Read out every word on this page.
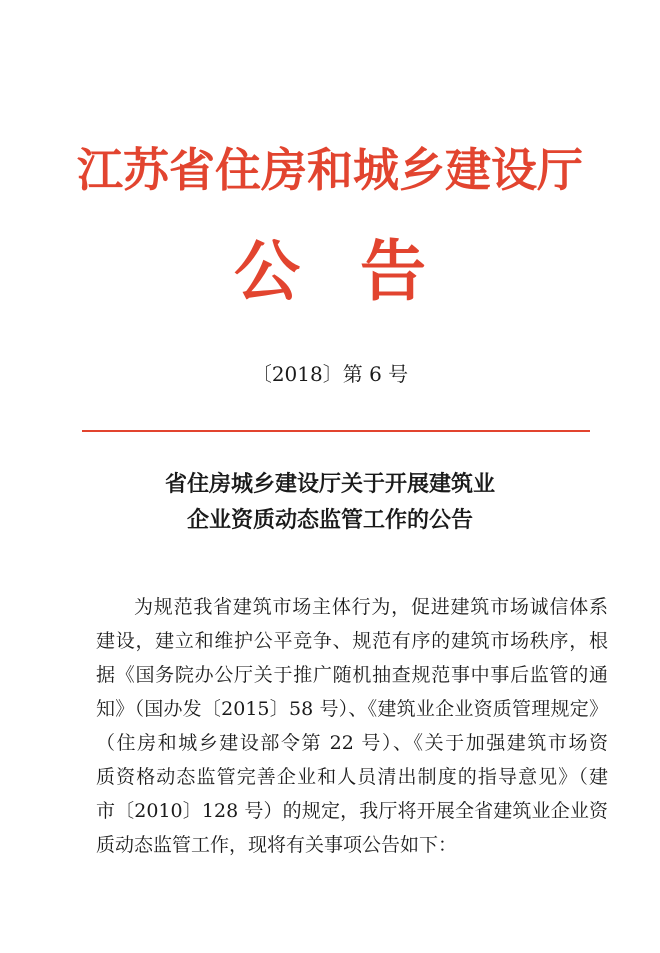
江苏省住房和城乡建设厅
公告
〔2018〕第 6 号
省住房城乡建设厅关于开展建筑业
企业资质动态监管工作的公告
为规范我省建筑市场主体行为，促进建筑市场诚信体系
建设，建立和维护公平竞争、规范有序的建筑市场秩序，根
据《国务院办公厅关于推广随机抽查规范事中事后监管的通
知》（国办发〔2015〕58 号）、《建筑业企业资质管理规定》
（住房和城乡建设部令第 22 号）、《关于加强建筑市场资
质资格动态监管完善企业和人员清出制度的指导意见》（建
市〔2010〕128 号）的规定，我厅将开展全省建筑业企业资
质动态监管工作，现将有关事项公告如下：
